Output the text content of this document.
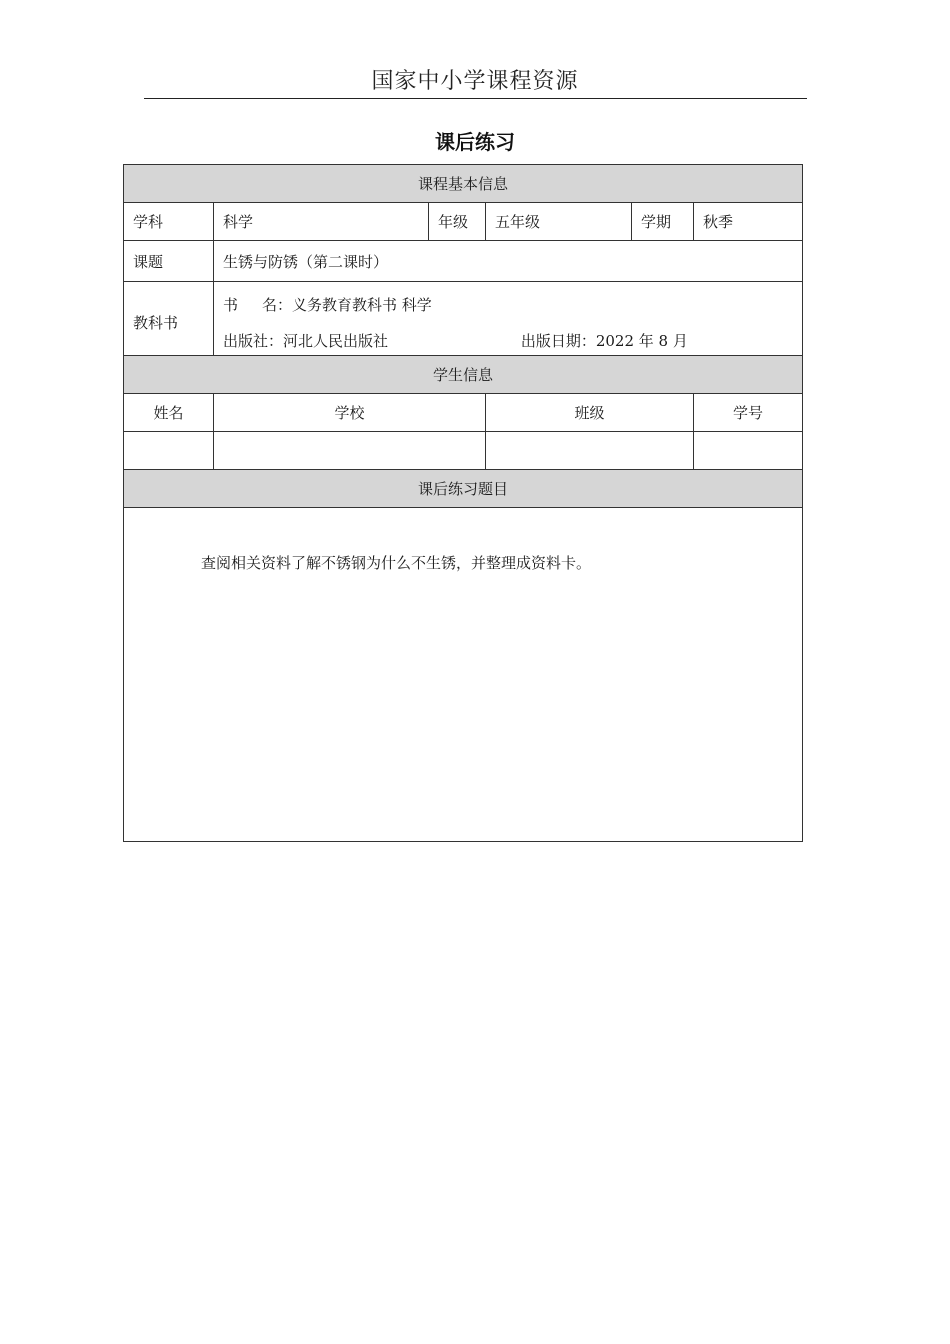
国家中小学课程资源
课后练习
课程基本信息					
学科	科学	年级	五年级	学期	秋季
课题	生锈与防锈（第二课时）				

教科书	书 名：义务教育教科书 科学
出版社：河北人民出版社 出版日期：2022 年 8 月				

学生信息					
姓名	学校		班级		学号

课后练习题目					

查阅相关资料了解不锈钢为什么不生锈，并整理成资料卡。					
